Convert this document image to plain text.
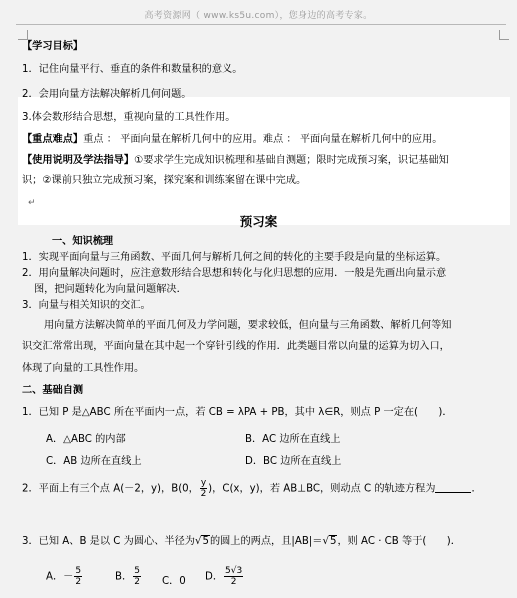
高考资源网（ www.ks5u.com），您身边的高考专家。
【学习目标】
1．记住向量平行、垂直的条件和数量积的意义。
2．会用向量方法解决解析几何问题。
3.体会数形结合思想，重视向量的工具性作用。
【重点难点】重点 ： 平面向量在解析几何中的应用。难点 ： 平面向量在解析几何中的应用。
【使用说明及学法指导】①要求学生完成知识梳理和基础自测题；限时完成预习案，识记基础知
识；②课前只独立完成预习案，探究案和训练案留在课中完成。
↵
预习案
一、知识梳理
1．实现平面向量与三角函数、平面几何与解析几何之间的转化的主要手段是向量的坐标运算。
2．用向量解决问题时，应注意数形结合思想和转化与化归思想的应用．一般是先画出向量示意
图，把问题转化为向量问题解决．
3．向量与相关知识的交汇。
用向量方法解决简单的平面几何及力学问题，要求较低，但向量与三角函数、解析几何等知
识交汇常常出现，平面向量在其中起一个穿针引线的作用．此类题目常以向量的运算为切入口，
体现了向量的工具性作用。
二、基础自测
1．已知 P 是△ABC 所在平面内一点，若 CB = λPA + PB，其中 λ∈R，则点 P 一定在(　　)．
A．△ABC 的内部	B．AC 边所在直线上
C．AB 边所在直线上	D．BC 边所在直线上
2．平面上有三个点 A(－2，y)，B(0， $\frac{y}{2}$ )，C(x，y)，若 AB⊥BC，则动点 C 的轨迹方程为	．
3．已知 A、B 是以 C 为圆心、半径为√5的圆上的两点，且|AB|＝√5，则 AC · CB 等于(　　)．
A．－ $\frac{5}{2}$	B． $\frac{5}{2}$ C．0 D． $\frac{5√3}{2}$
